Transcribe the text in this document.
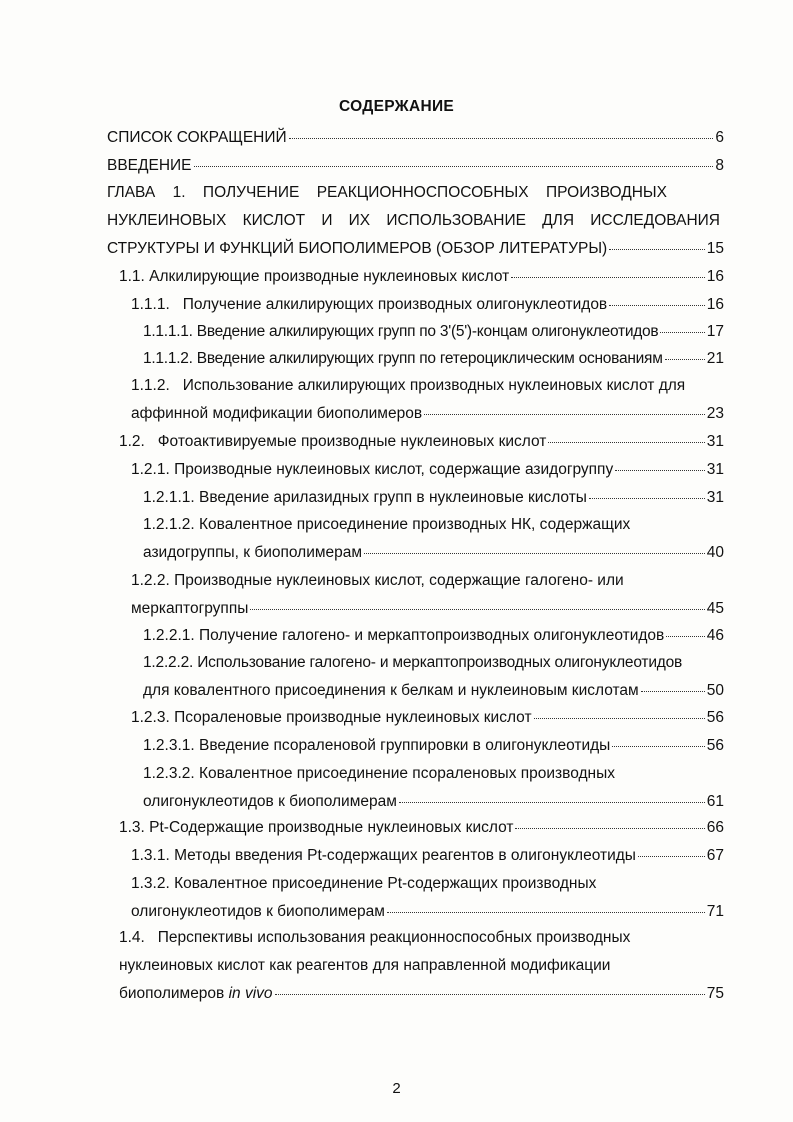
СОДЕРЖАНИЕ
СПИСОК СОКРАЩЕНИЙ	6
ВВЕДЕНИЕ	8
ГЛАВА 1. ПОЛУЧЕНИЕ РЕАКЦИОННОСПОСОБНЫХ ПРОИЗВОДНЫХ
НУКЛЕИНОВЫХ КИСЛОТ И ИХ ИСПОЛЬЗОВАНИЕ ДЛЯ ИССЛЕДОВАНИЯ
СТРУКТУРЫ И ФУНКЦИЙ БИОПОЛИМЕРОВ (ОБЗОР ЛИТЕРАТУРЫ)	15
1.1. Алкилирующие производные нуклеиновых кислот	16
1.1.1.   Получение алкилирующих производных олигонуклеотидов	16
1.1.1.1. Введение алкилирующих групп по 3'(5')-концам олигонуклеотидов	17
1.1.1.2. Введение алкилирующих групп по гетероциклическим основаниям	21
1.1.2.   Использование алкилирующих производных нуклеиновых кислот для
аффинной модификации биополимеров	23
1.2.   Фотоактивируемые производные нуклеиновых кислот	31
1.2.1. Производные нуклеиновых кислот, содержащие азидогруппу	31
1.2.1.1. Введение арилазидных групп в нуклеиновые кислоты	31
1.2.1.2. Ковалентное присоединение производных НК, содержащих
азидогруппы, к биополимерам	40
1.2.2. Производные нуклеиновых кислот, содержащие галогено- или
меркаптогруппы	45
1.2.2.1. Получение галогено- и меркаптопроизводных олигонуклеотидов	46
1.2.2.2. Использование галогено- и меркаптопроизводных олигонуклеотидов
для ковалентного присоединения к белкам и нуклеиновым кислотам	50
1.2.3. Псораленовые производные нуклеиновых кислот	56
1.2.3.1. Введение псораленовой группировки в олигонуклеотиды	56
1.2.3.2. Ковалентное присоединение псораленовых производных
олигонуклеотидов к биополимерам	61
1.3. Pt-Содержащие производные нуклеиновых кислот	66
1.3.1. Методы введения Pt-содержащих реагентов в олигонуклеотиды	67
1.3.2. Ковалентное присоединение Pt-содержащих производных
олигонуклеотидов к биополимерам	71
1.4.   Перспективы использования реакционноспособных производных
нуклеиновых кислот как реагентов для направленной модификации
биополимеров in vivo	75
2
